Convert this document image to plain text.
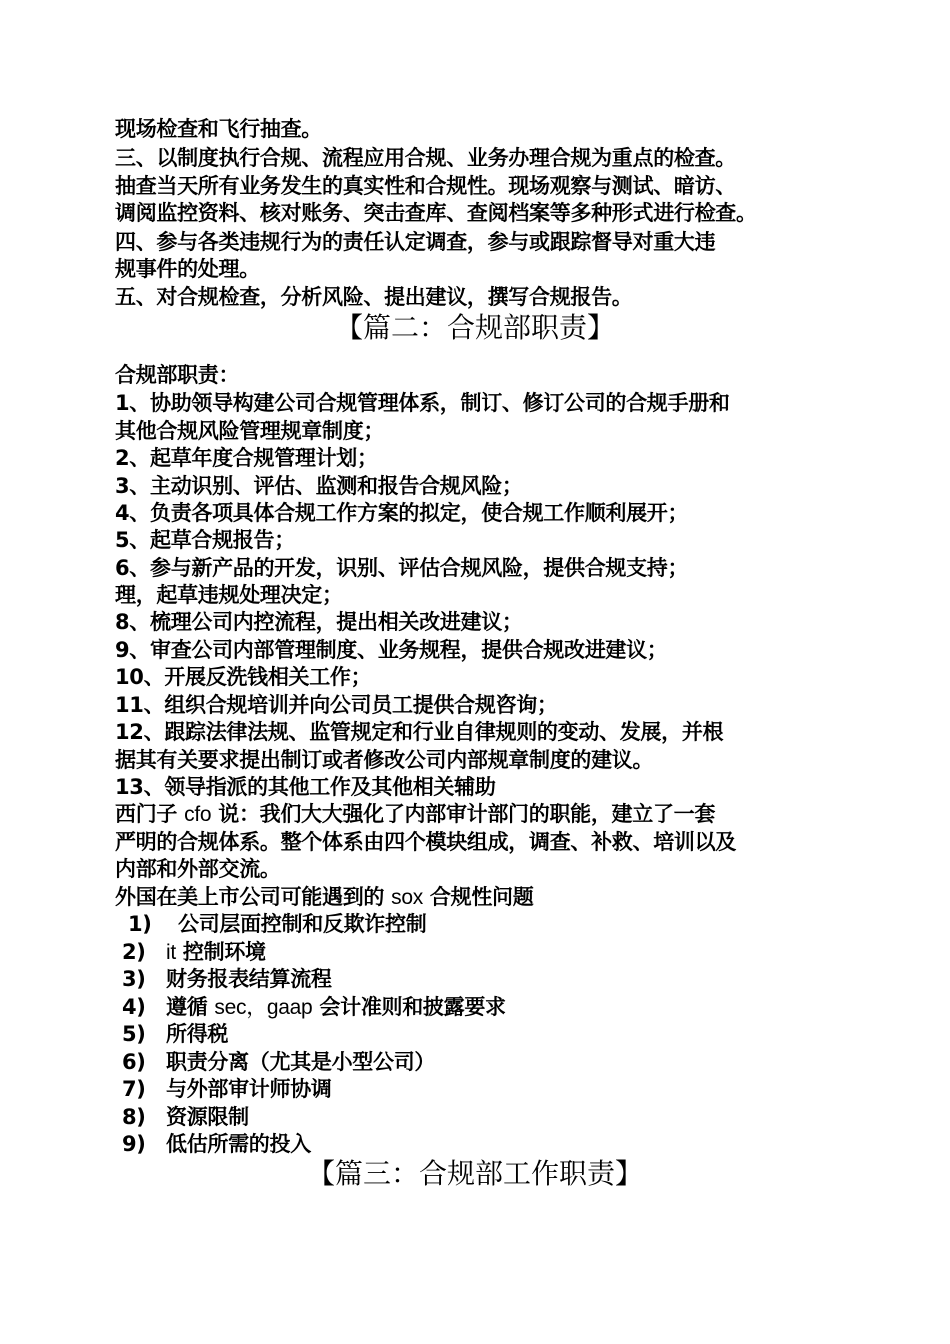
现场检查和飞行抽查。
三、以制度执行合规、流程应用合规、业务办理合规为重点的检查。
抽查当天所有业务发生的真实性和合规性。现场观察与测试、暗访、
调阅监控资料、核对账务、突击查库、查阅档案等多种形式进行检查。
四、参与各类违规行为的责任认定调查，参与或跟踪督导对重大违
规事件的处理。
五、对合规检查，分析风险、提出建议，撰写合规报告。
【篇二：合规部职责】
合规部职责：
1、协助领导构建公司合规管理体系，制订、修订公司的合规手册和
其他合规风险管理规章制度；
2、起草年度合规管理计划；
3、主动识别、评估、监测和报告合规风险；
4、负责各项具体合规工作方案的拟定，使合规工作顺利展开；
5、起草合规报告；
6、参与新产品的开发，识别、评估合规风险，提供合规支持；
理，起草违规处理决定；
8、梳理公司内控流程，提出相关改进建议；
9、审查公司内部管理制度、业务规程，提供合规改进建议；
10、开展反洗钱相关工作；
11、组织合规培训并向公司员工提供合规咨询；
12、跟踪法律法规、监管规定和行业自律规则的变动、发展，并根
据其有关要求提出制订或者修改公司内部规章制度的建议。
13、领导指派的其他工作及其他相关辅助
西门子 cfo 说：我们大大强化了内部审计部门的职能，建立了一套
严明的合规体系。整个体系由四个模块组成，调查、补救、培训以及
内部和外部交流。
外国在美上市公司可能遇到的 sox 合规性问题
1) 公司层面控制和反欺诈控制
2) it 控制环境
3) 财务报表结算流程
4) 遵循 sec，gaap 会计准则和披露要求
5) 所得税
6) 职责分离（尤其是小型公司）
7) 与外部审计师协调
8) 资源限制
9) 低估所需的投入
【篇三：合规部工作职责】
